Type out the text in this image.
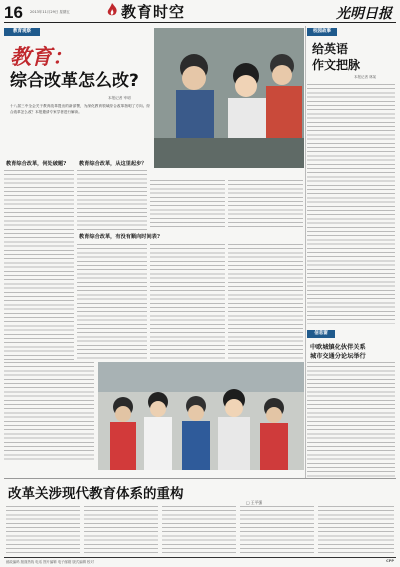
16 2013年11月29日 星期五	教育时空	光明日报
教育观察
教育：
综合改革怎么改?
本报记者 宰明
十八届三中全会关于教育改革提出的新部署，为深化教育领域综合改革指明了方向。综合改革怎么改？本报邀请专家学者进行解读。
校园故事
给英语
作文把脉
本报记者 林某
信息窗
中欧城镇化伙伴关系
城市交通分论坛举行
教育综合改革，何处破题? 教育综合改革，从这里起步？
教育综合改革，有没有顺向时间表?
改革关涉现代教育体系的重构
□ 王平强
邮政编码 版面热线 电话 图片编辑 电子邮箱 版式编辑 校对	CPP
